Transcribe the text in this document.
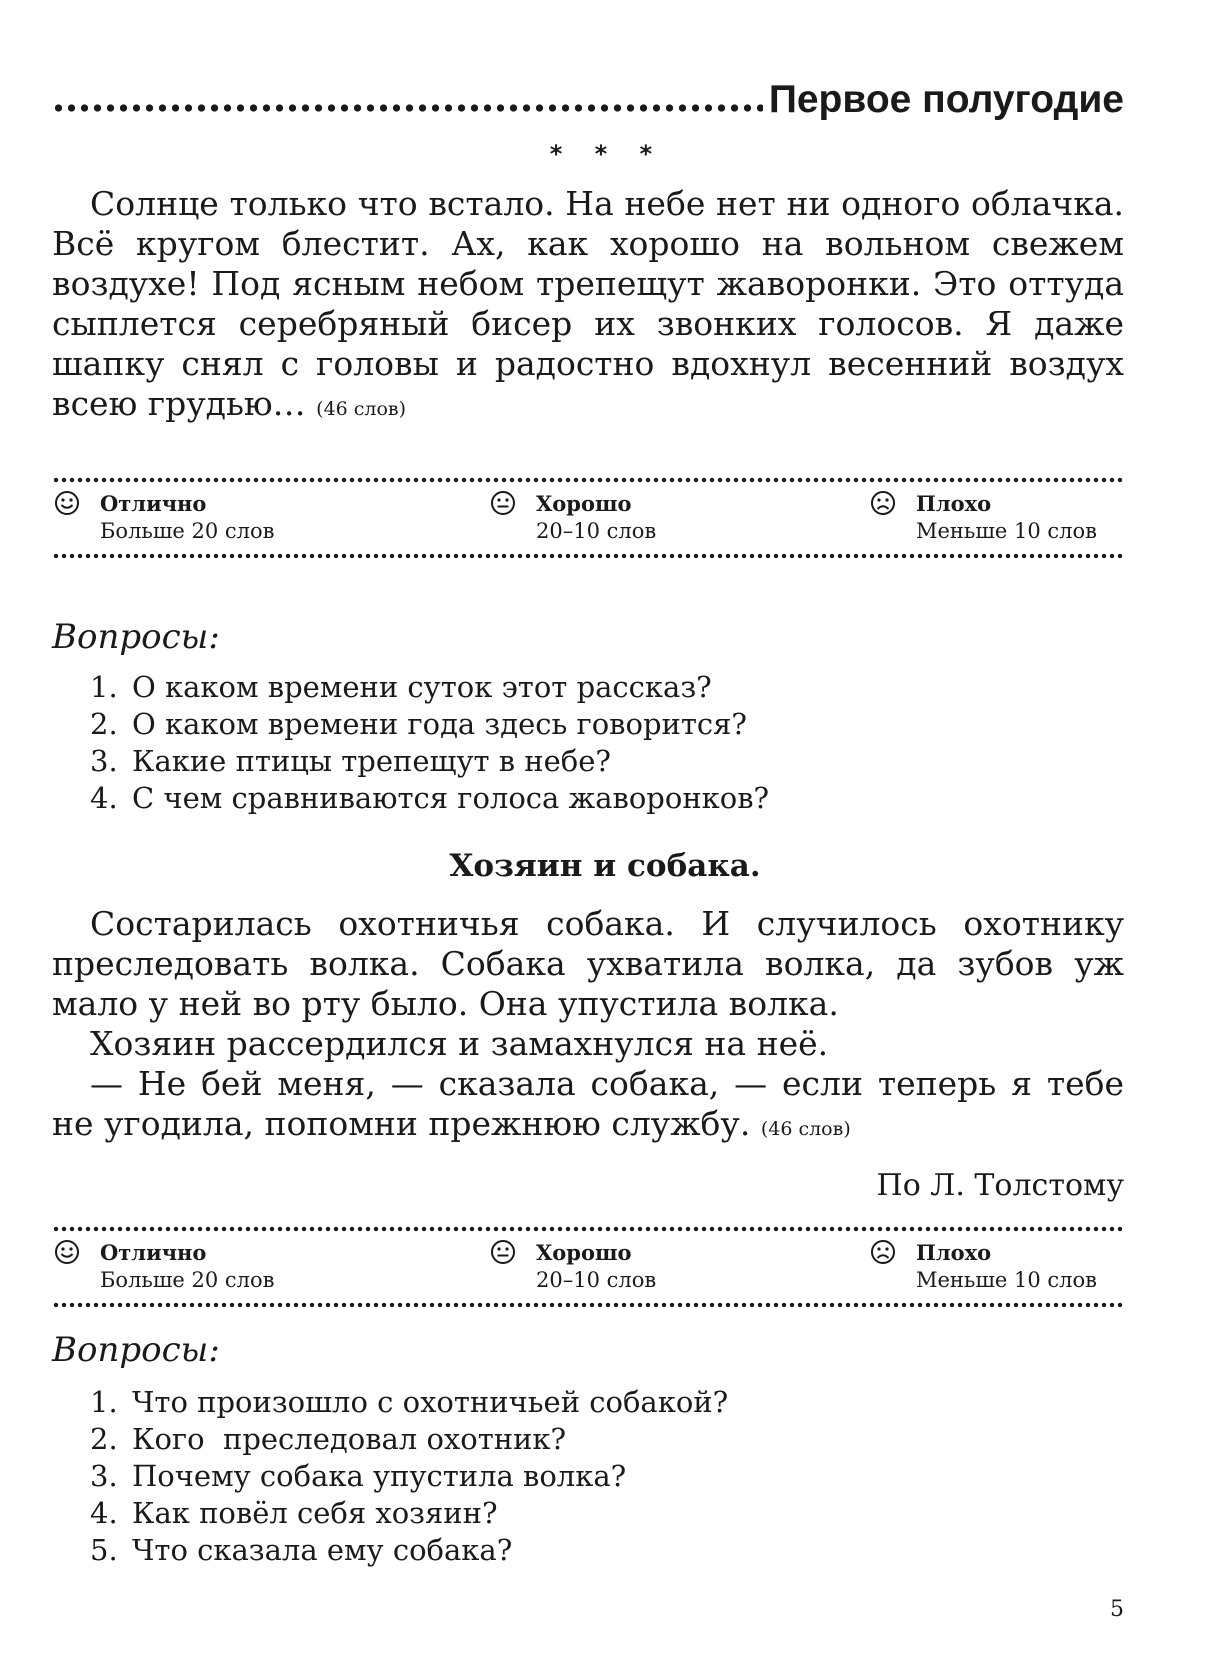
Первое полугодие
* * *

Солнце только что встало. На небе нет ни одного облачка. Всё кругом блестит. Ах, как хорошо на вольном свежем воздухе! Под ясным небом трепещут жаворонки. Это оттуда сыплется серебряный бисер их звонких голосов. Я даже шапку снял с головы и радостно вдохнул весенний воздух всею грудью… (46 слов)

Отлично
Больше 20 слов
Хорошо
20–10 слов
Плохо
Меньше 10 слов
Вопросы:
1. О каком времени суток этот рассказ?
2. О каком времени года здесь говорится?
3. Какие птицы трепещут в небе?
4. С чем сравниваются голоса жаворонков?
Хозяин и собака.

Состарилась охотничья собака. И случилось охотнику преследовать волка. Собака ухватила волка, да зубов уж мало у ней во рту было. Она упустила волка.

Хозяин рассердился и замахнулся на неё.

— Не бей меня, — сказала собака, — если теперь я тебе не угодила, попомни прежнюю службу. (46 слов)

По Л. Толстому
Отлично
Больше 20 слов
Хорошо
20–10 слов
Плохо
Меньше 10 слов
Вопросы:
1. Что произошло с охотничьей собакой?
2. Кого  преследовал охотник?
3. Почему собака упустила волка?
4. Как повёл себя хозяин?
5. Что сказала ему собака?
5
